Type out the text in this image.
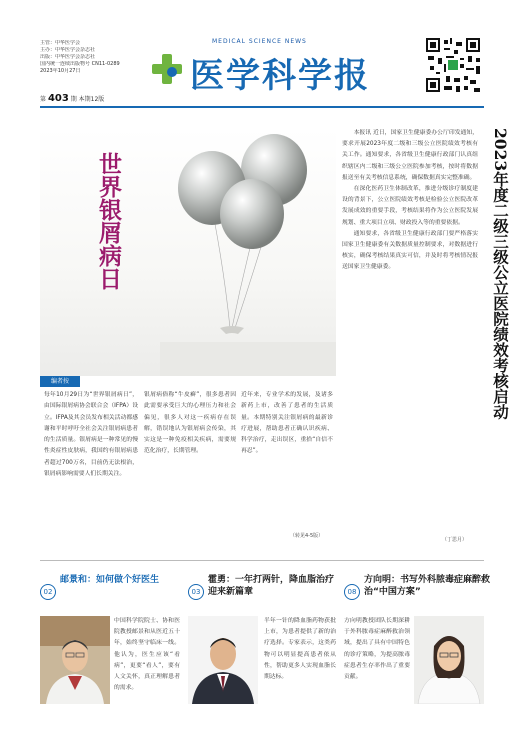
主管：中华医学会
主办：中华医学会杂志社
出版：中华医学会杂志社
国内统一连续出版物号 CN11-0289
2023年10月27日
第 403 期 本期12版
MEDICAL SCIENCE NEWS
医学科学报
世界银屑病日
编者按
每年10月29日为“世界银屑病日”，由国际银屑病协会联合会（IFPA）设立。IFPA及其会员发布相关活动都感谢和平时呼吁全社会关注银屑病患者的生活质量。银屑病是一种常见的慢性炎症性皮肤病，我国约有银屑病患者超过700万名，目前仍无法根治，银屑病影响需要人们长期关注。
银屑病俗称“牛皮癣”，很多患者因此需要承受巨大的心理压力和社会偏见，很多人对这一疾病存在误解，错误地认为银屑病会传染，其实这是一种免疫相关疾病，需要规范化治疗，长期管理。
近年来，专业学术的发展，及诸多新药上市，改善了患者的生活质量。本期特别关注银屑病的最新诊疗进展，帮助患者正确认识疾病、科学治疗，走出误区，重拾“自信不再忍”。
（转见4-5版）

本报讯 近日，国家卫生健康委办公厅印发通知，要求开展2023年度二级和三级公立医院绩效考核有关工作。通知要求，各省级卫生健康行政部门认真组织辖区内二级和三级公立医院参加考核，按时将数据报送至有关考核信息系统，确保数据真实完整准确。

在深化医药卫生体制改革，推进分级诊疗制度建设的背景下，公立医院绩效考核是检验公立医院改革发展成效的重要手段，考核结果将作为公立医院发展规划、重大项目立项、财政投入等的重要依据。

通知要求，各省级卫生健康行政部门要严格落实国家卫生健康委有关数据质量控制要求，对数据进行核实，确保考核结果真实可信，并及时将考核情况报送国家卫生健康委。

（丁思月）
2023年度二级三级公立医院绩效考核启动
02
邮景和：如何做个好医生
中国科学院院士、协和医院教授邮景和从医近五十年，始终坚守临床一线。他认为，医生应该“看病”，更要“看人”，要有人文关怀，真正理解患者的需求。
03
霍勇：一年打两针，降血脂治疗迎来新篇章
半年一针的降血脂药物获批上市，为患者提供了新的治疗选择。专家表示，这类药物可以明显提高患者依从性，帮助更多人实现血脂长期达标。
08
方向明：书写外科脓毒症麻醉救治“中国方案”
方向明教授团队长期深耕于外科脓毒症麻醉救治领域，提出了具有中国特色的诊疗策略，为提高脓毒症患者生存率作出了重要贡献。
